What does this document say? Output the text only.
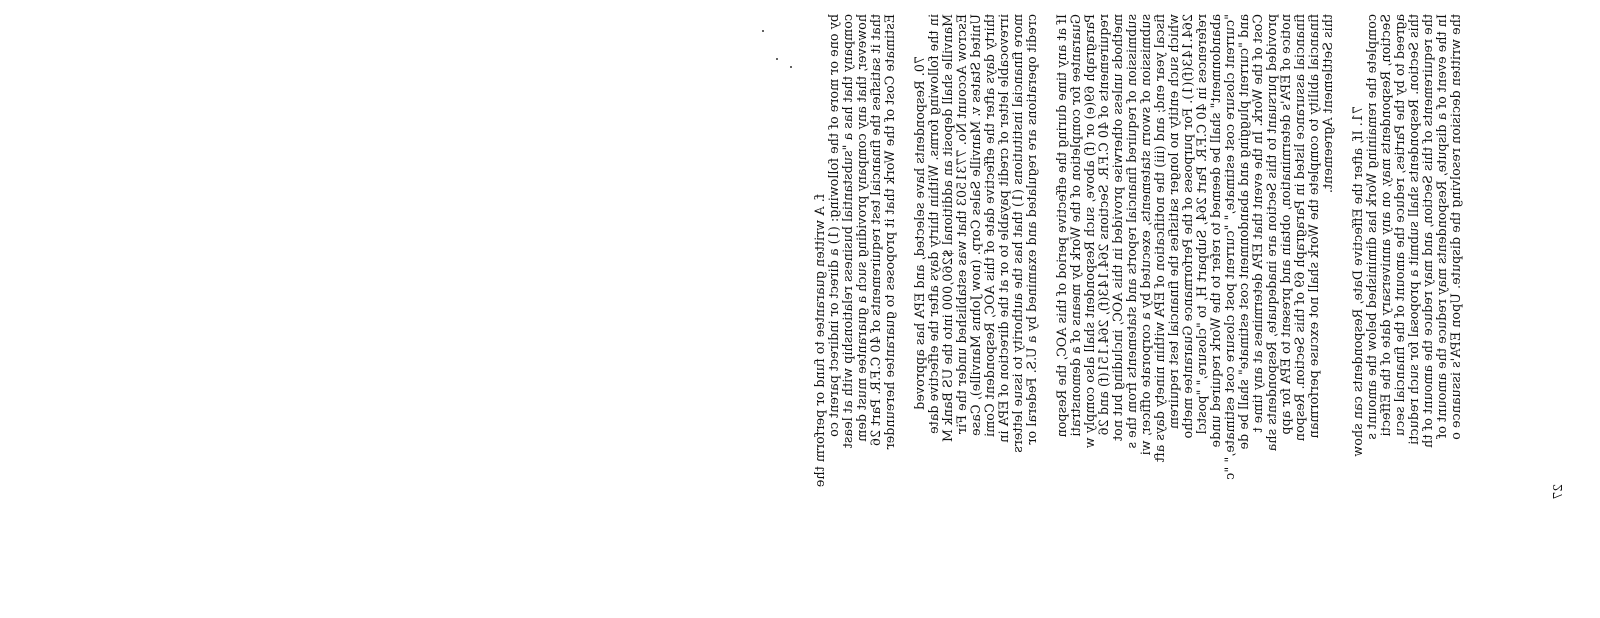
f. A written guarantee to fund or perform the by one or more of the following: (1) a direct or indirect parent co company that has a "substantial business relationship with at least however, that any company providing such a guarantee must dem that it satisfies the financial test requirements of 40 C.F.R. Part 26 Estimate Cost of the Work that it proposes to guarantee hereunder 70. Respondents have selected, and EPA has approved in the following forms. Within thirty days after the effective date Manville shall deposit an additional $260,000 into the US Bank M Escrow Account No. 7731503 that was established under the Fir United States v. Manville Sales Corp. (now Johns Manville), Case thirty days after the effective date of this AOC, Respondent Comi irrevocable letter of credit payable to or at the direction of EPA in more financial institutions (1) that has the authority to issue letters credit operations are regulated and examined by a U.S. Federal or If at any time during the effective period of this AOC, the Respon Guarantee for completion of the Work by means of a demonstrati Paragraph 69(e) or (f) above, such Respondent shall also comply w requirements of 40 C.F.R. Sections 264.143(f), 264.151(f) and 26 methods unless otherwise provided in this AOC, including but not submission of required financial reports and statements from the s submission of sworn statements, executed by a corporate officer, wi fiscal year end; and (iii) the notification of EPA within ninety days aft which such entity no longer satisfies the financial test requirem 264.143(f)(1). For purposes of the Performance Guarantee metho references in 40 C.F.R. Part 264, Subpart H, to "closure," "postcl abandonment" shall be deemed to refer to the Work required unde "current closure cost estimate," "current post closure cost estimate," "c and "current plugging and abandonment cost estimate" shall be de Cost of the Work. In the event that EPA determines at any time t provided pursuant to this Section are inadequate, Respondents sha notice of EPA's determination, obtain and present to EPA for app financial assurance listed in Paragraph 69 of this Section. Respon financial ability to complete the Work shall not excuse performan this Settlement Agreement.
71. If, after the Effective Date, Respondents can show complete the remaining Work has diminished below the amount s Section, Respondents may, on any anniversary date of the Effecti agreed to by the Parties, reduce the amount of the financial secu this Section. Respondents shall submit a proposal for such reducti the requirements of this Section, and may reduce the amount of th In the event of a dispute, Respondents may reduce the amount of the written decision resolving the dispute. Upon EPA's issuance o
27
